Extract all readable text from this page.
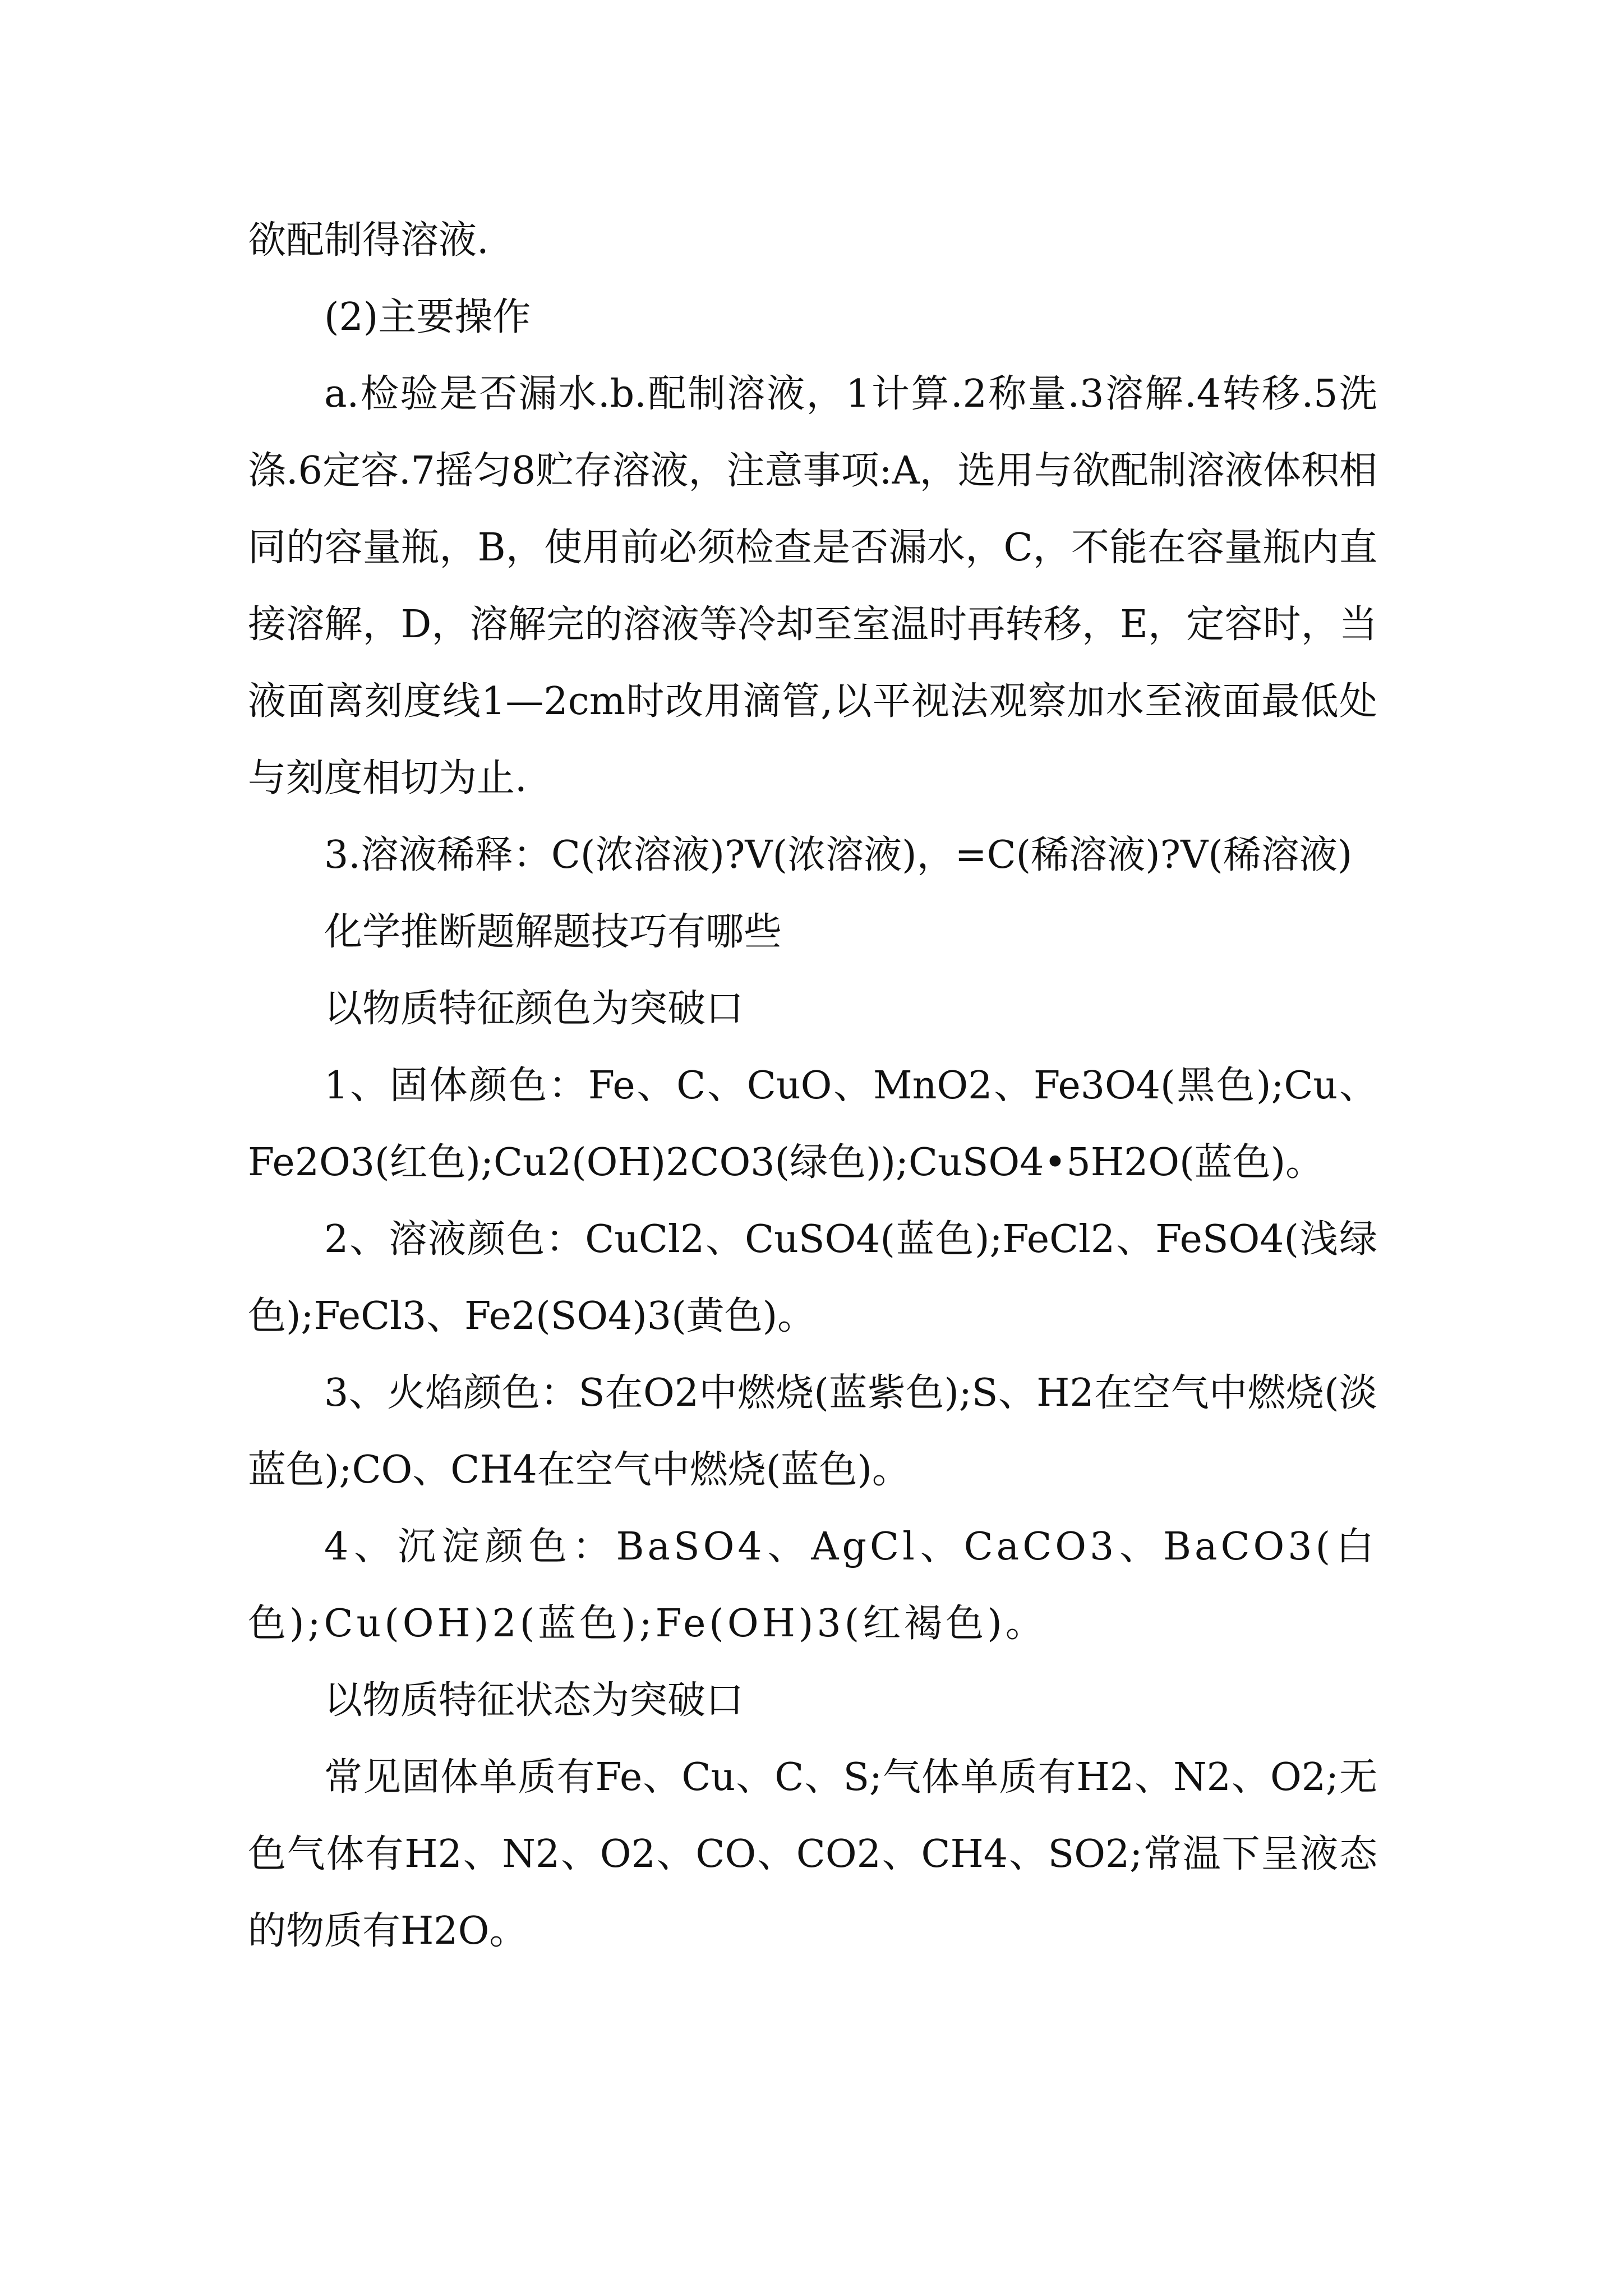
欲配制得溶液.

(2)主要操作

a.检验是否漏水.b.配制溶液，1计算.2称量.3溶解.4转移.5洗涤.6定容.7摇匀8贮存溶液，注意事项:A，选用与欲配制溶液体积相同的容量瓶，B，使用前必须检查是否漏水，C，不能在容量瓶内直接溶解，D，溶解完的溶液等冷却至室温时再转移，E，定容时，当液面离刻度线1—2cm时改用滴管,以平视法观察加水至液面最低处与刻度相切为止.

3.溶液稀释：C(浓溶液)?V(浓溶液)，=C(稀溶液)?V(稀溶液)

化学推断题解题技巧有哪些

以物质特征颜色为突破口

1、固体颜色：Fe、C、CuO、MnO2、Fe3O4(黑色);Cu、Fe2O3(红色);Cu2(OH)2CO3(绿色));CuSO4•5H2O(蓝色)。

2、溶液颜色：CuCl2、CuSO4(蓝色);FeCl2、FeSO4(浅绿色);FeCl3、Fe2(SO4)3(黄色)。

3、火焰颜色：S在O2中燃烧(蓝紫色);S、H2在空气中燃烧(淡蓝色);CO、CH4在空气中燃烧(蓝色)。

4、沉淀颜色：BaSO4、AgCl、CaCO3、BaCO3(白色);Cu(OH)2(蓝色);Fe(OH)3(红褐色)。

以物质特征状态为突破口

常见固体单质有Fe、Cu、C、S;气体单质有H2、N2、O2;无色气体有H2、N2、O2、CO、CO2、CH4、SO2;常温下呈液态的物质有H2O。
